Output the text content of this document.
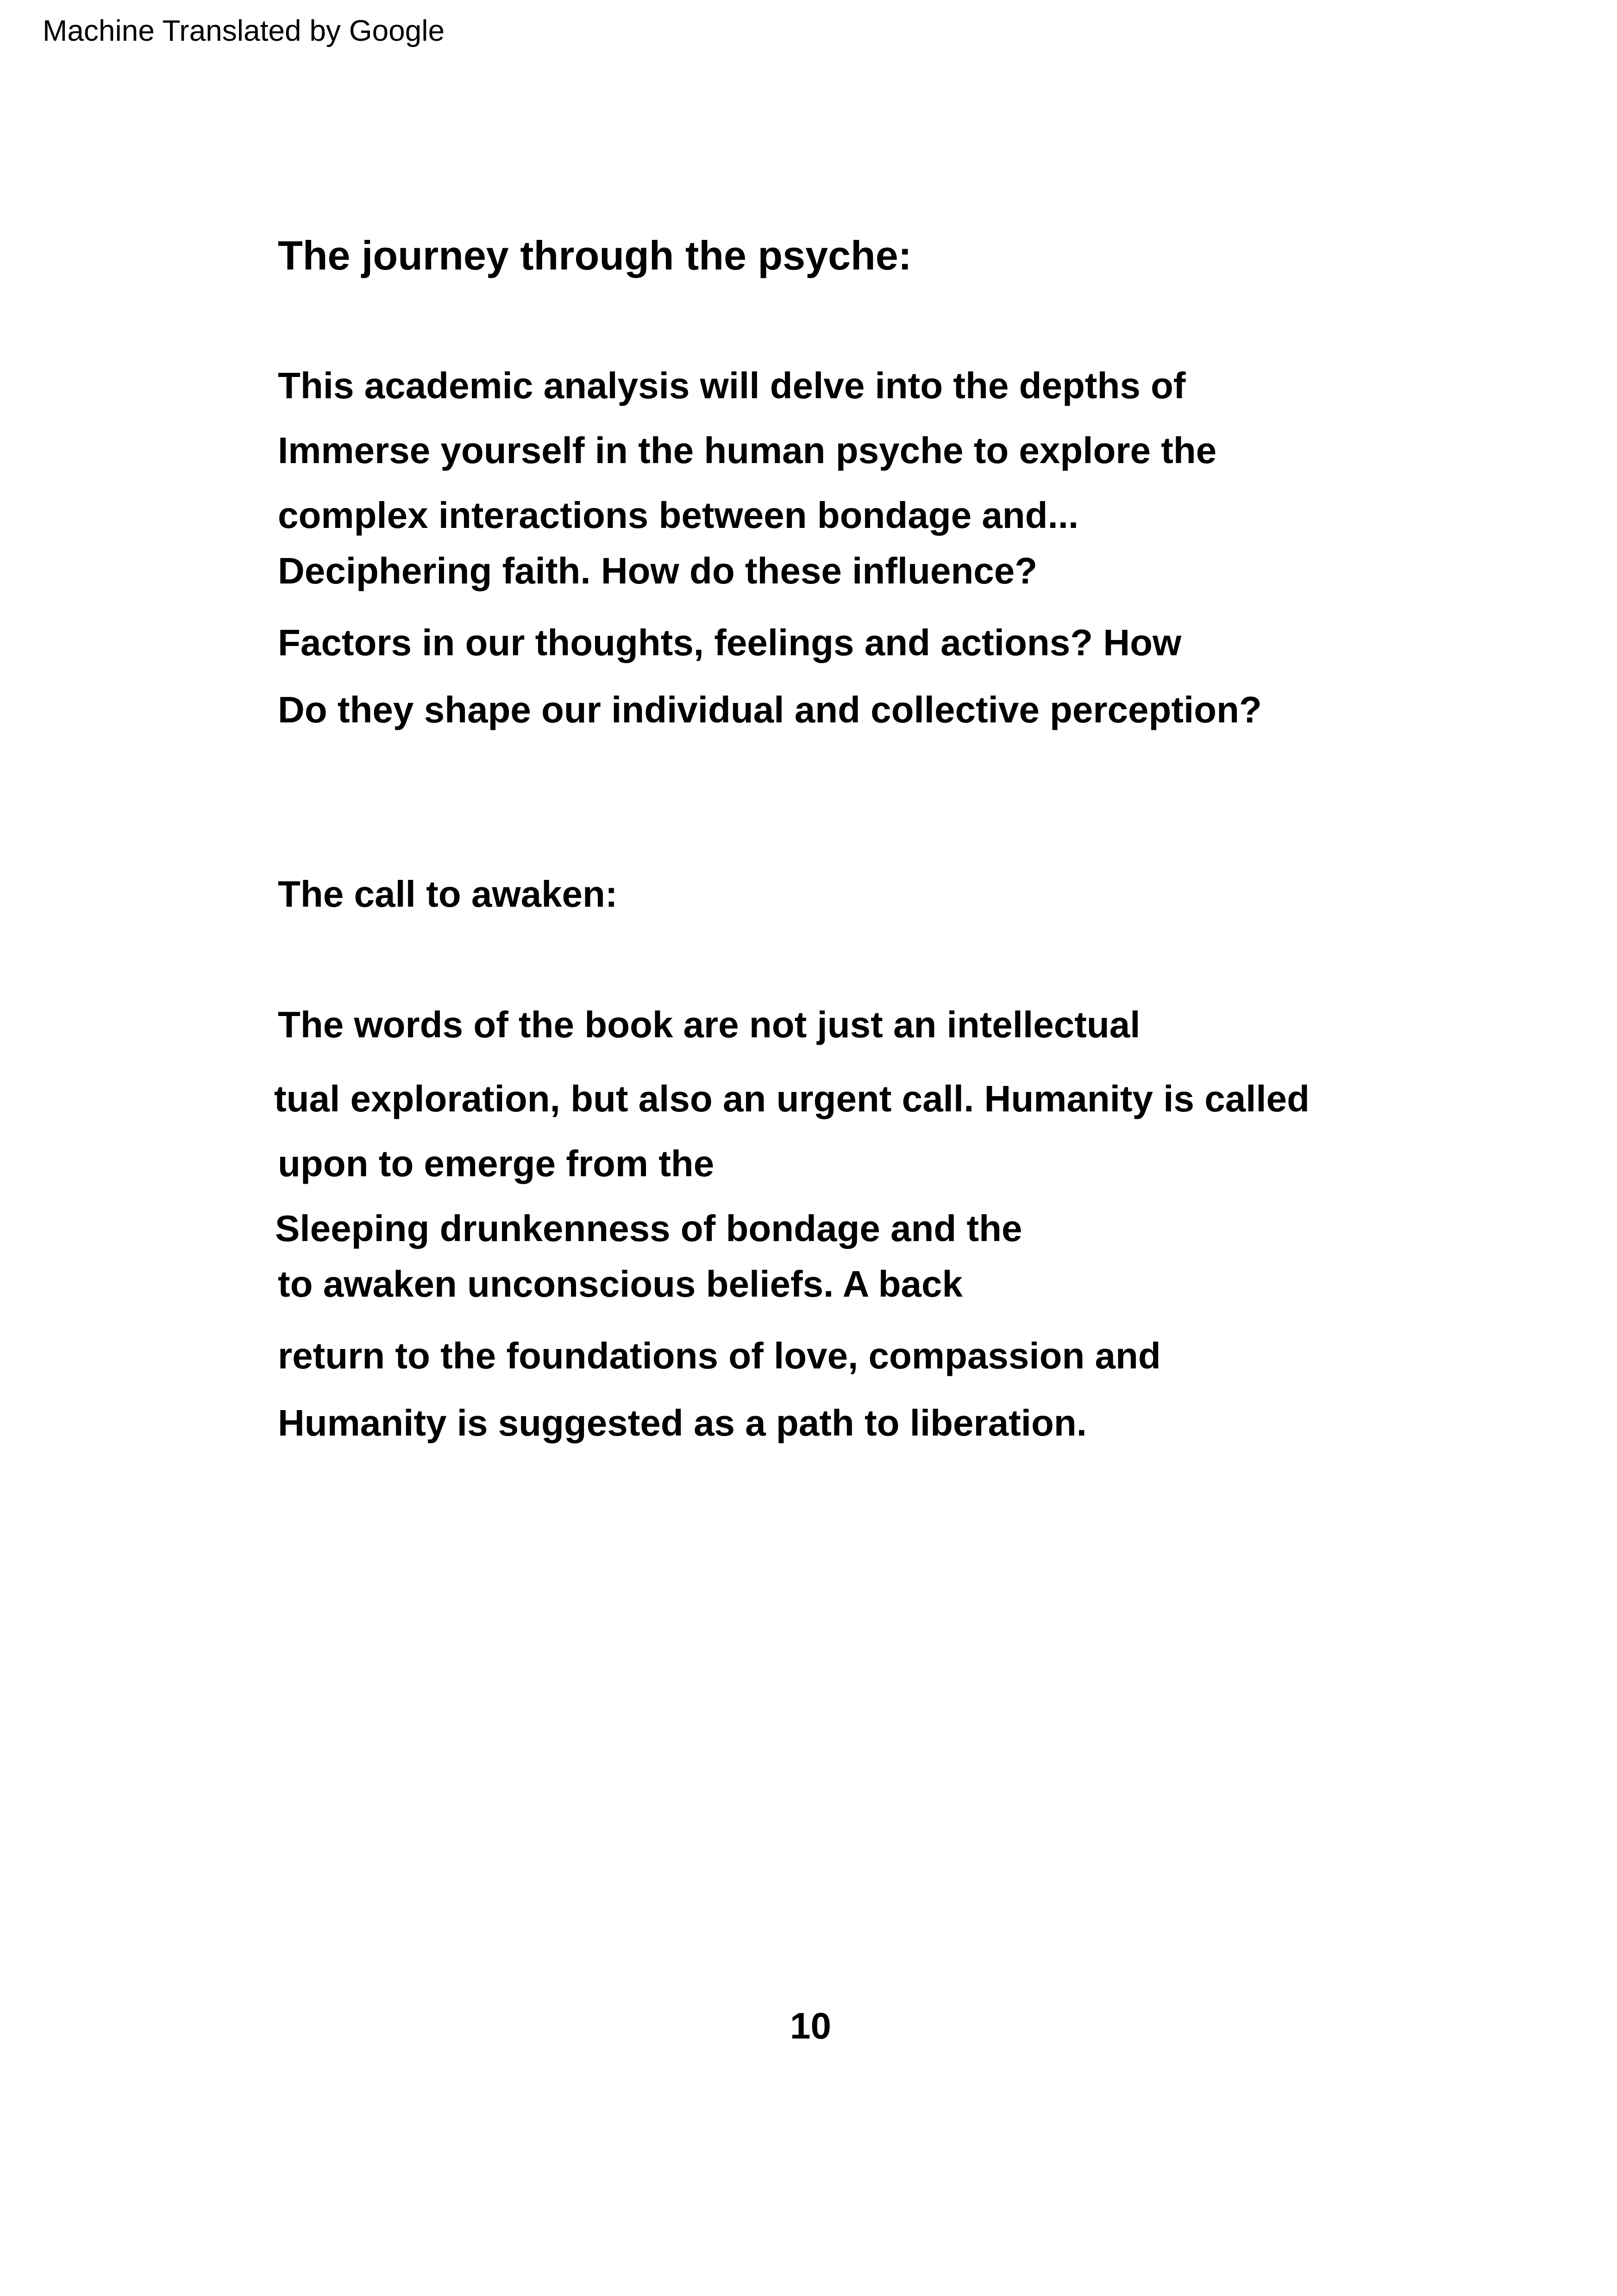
Machine Translated by Google
The journey through the psyche:
This academic analysis will delve into the depths of
Immerse yourself in the human psyche to explore the
complex interactions between bondage and...
Deciphering faith. How do these influence?
Factors in our thoughts, feelings and actions? How
Do they shape our individual and collective perception?
The call to awaken:
The words of the book are not just an intellectual
tual exploration, but also an urgent call. Humanity is called
upon to emerge from the
Sleeping drunkenness of bondage and the
to awaken unconscious beliefs. A back
return to the foundations of love, compassion and
Humanity is suggested as a path to liberation.
10
